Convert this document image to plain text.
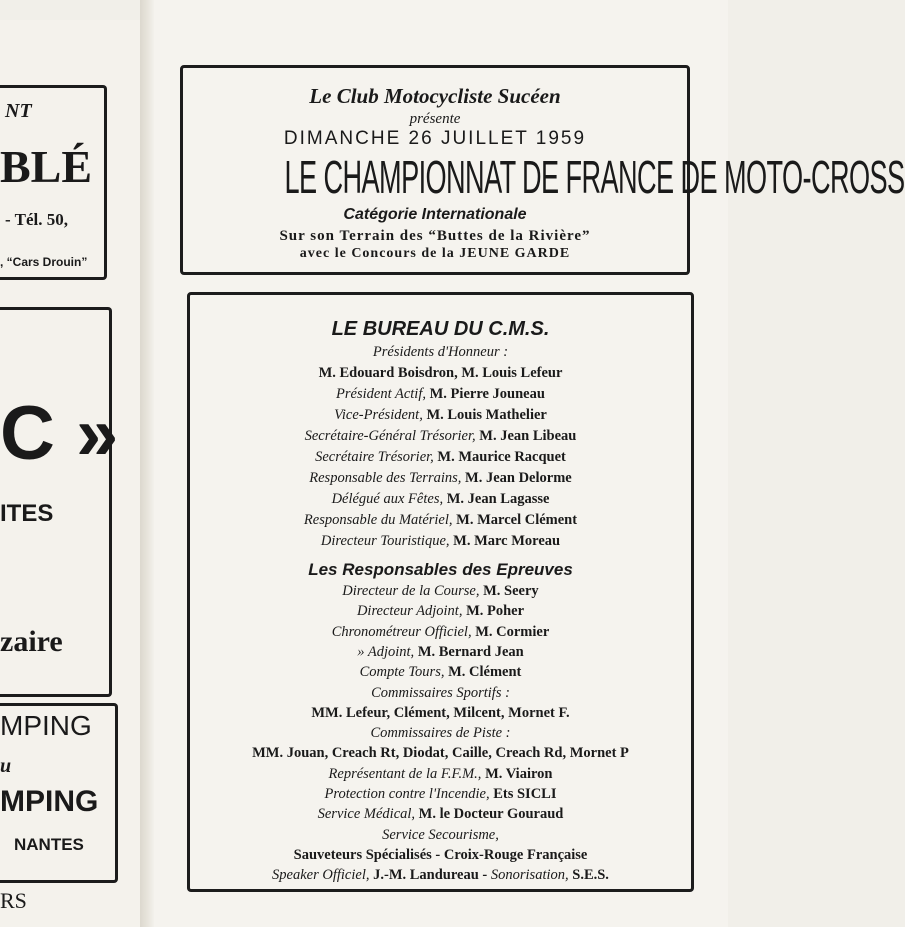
NT
BLÉ
- Tél. 50,
, “Cars Drouin”
C »
ITES
zaire
MPING
u
MPING
NANTES
RS
Le Club Motocycliste Sucéen
présente
DIMANCHE 26 JUILLET 1959
LE CHAMPIONNAT DE FRANCE DE MOTO-CROSS
Catégorie Internationale
Sur son Terrain des “Buttes de la Rivière”
avec le Concours de la JEUNE GARDE
LE BUREAU DU C.M.S.
Présidents d'Honneur :
M. Edouard Boisdron, M. Louis Lefeur
Président Actif, M. Pierre Jouneau
Vice-Président, M. Louis Mathelier
Secrétaire-Général Trésorier, M. Jean Libeau
Secrétaire Trésorier, M. Maurice Racquet
Responsable des Terrains, M. Jean Delorme
Délégué aux Fêtes, M. Jean Lagasse
Responsable du Matériel, M. Marcel Clément
Directeur Touristique, M. Marc Moreau
Les Responsables des Epreuves
Directeur de la Course, M. Seery
Directeur Adjoint, M. Poher
Chronométreur Officiel, M. Cormier
» Adjoint, M. Bernard Jean
Compte Tours, M. Clément
Commissaires Sportifs :
MM. Lefeur, Clément, Milcent, Mornet F.
Commissaires de Piste :
MM. Jouan, Creach Rt, Diodat, Caille, Creach Rd, Mornet P
Représentant de la F.F.M., M. Viairon
Protection contre l'Incendie, Ets SICLI
Service Médical, M. le Docteur Gouraud
Service Secourisme,
Sauveteurs Spécialisés - Croix-Rouge Française
Speaker Officiel, J.-M. Landureau - Sonorisation, S.E.S.
